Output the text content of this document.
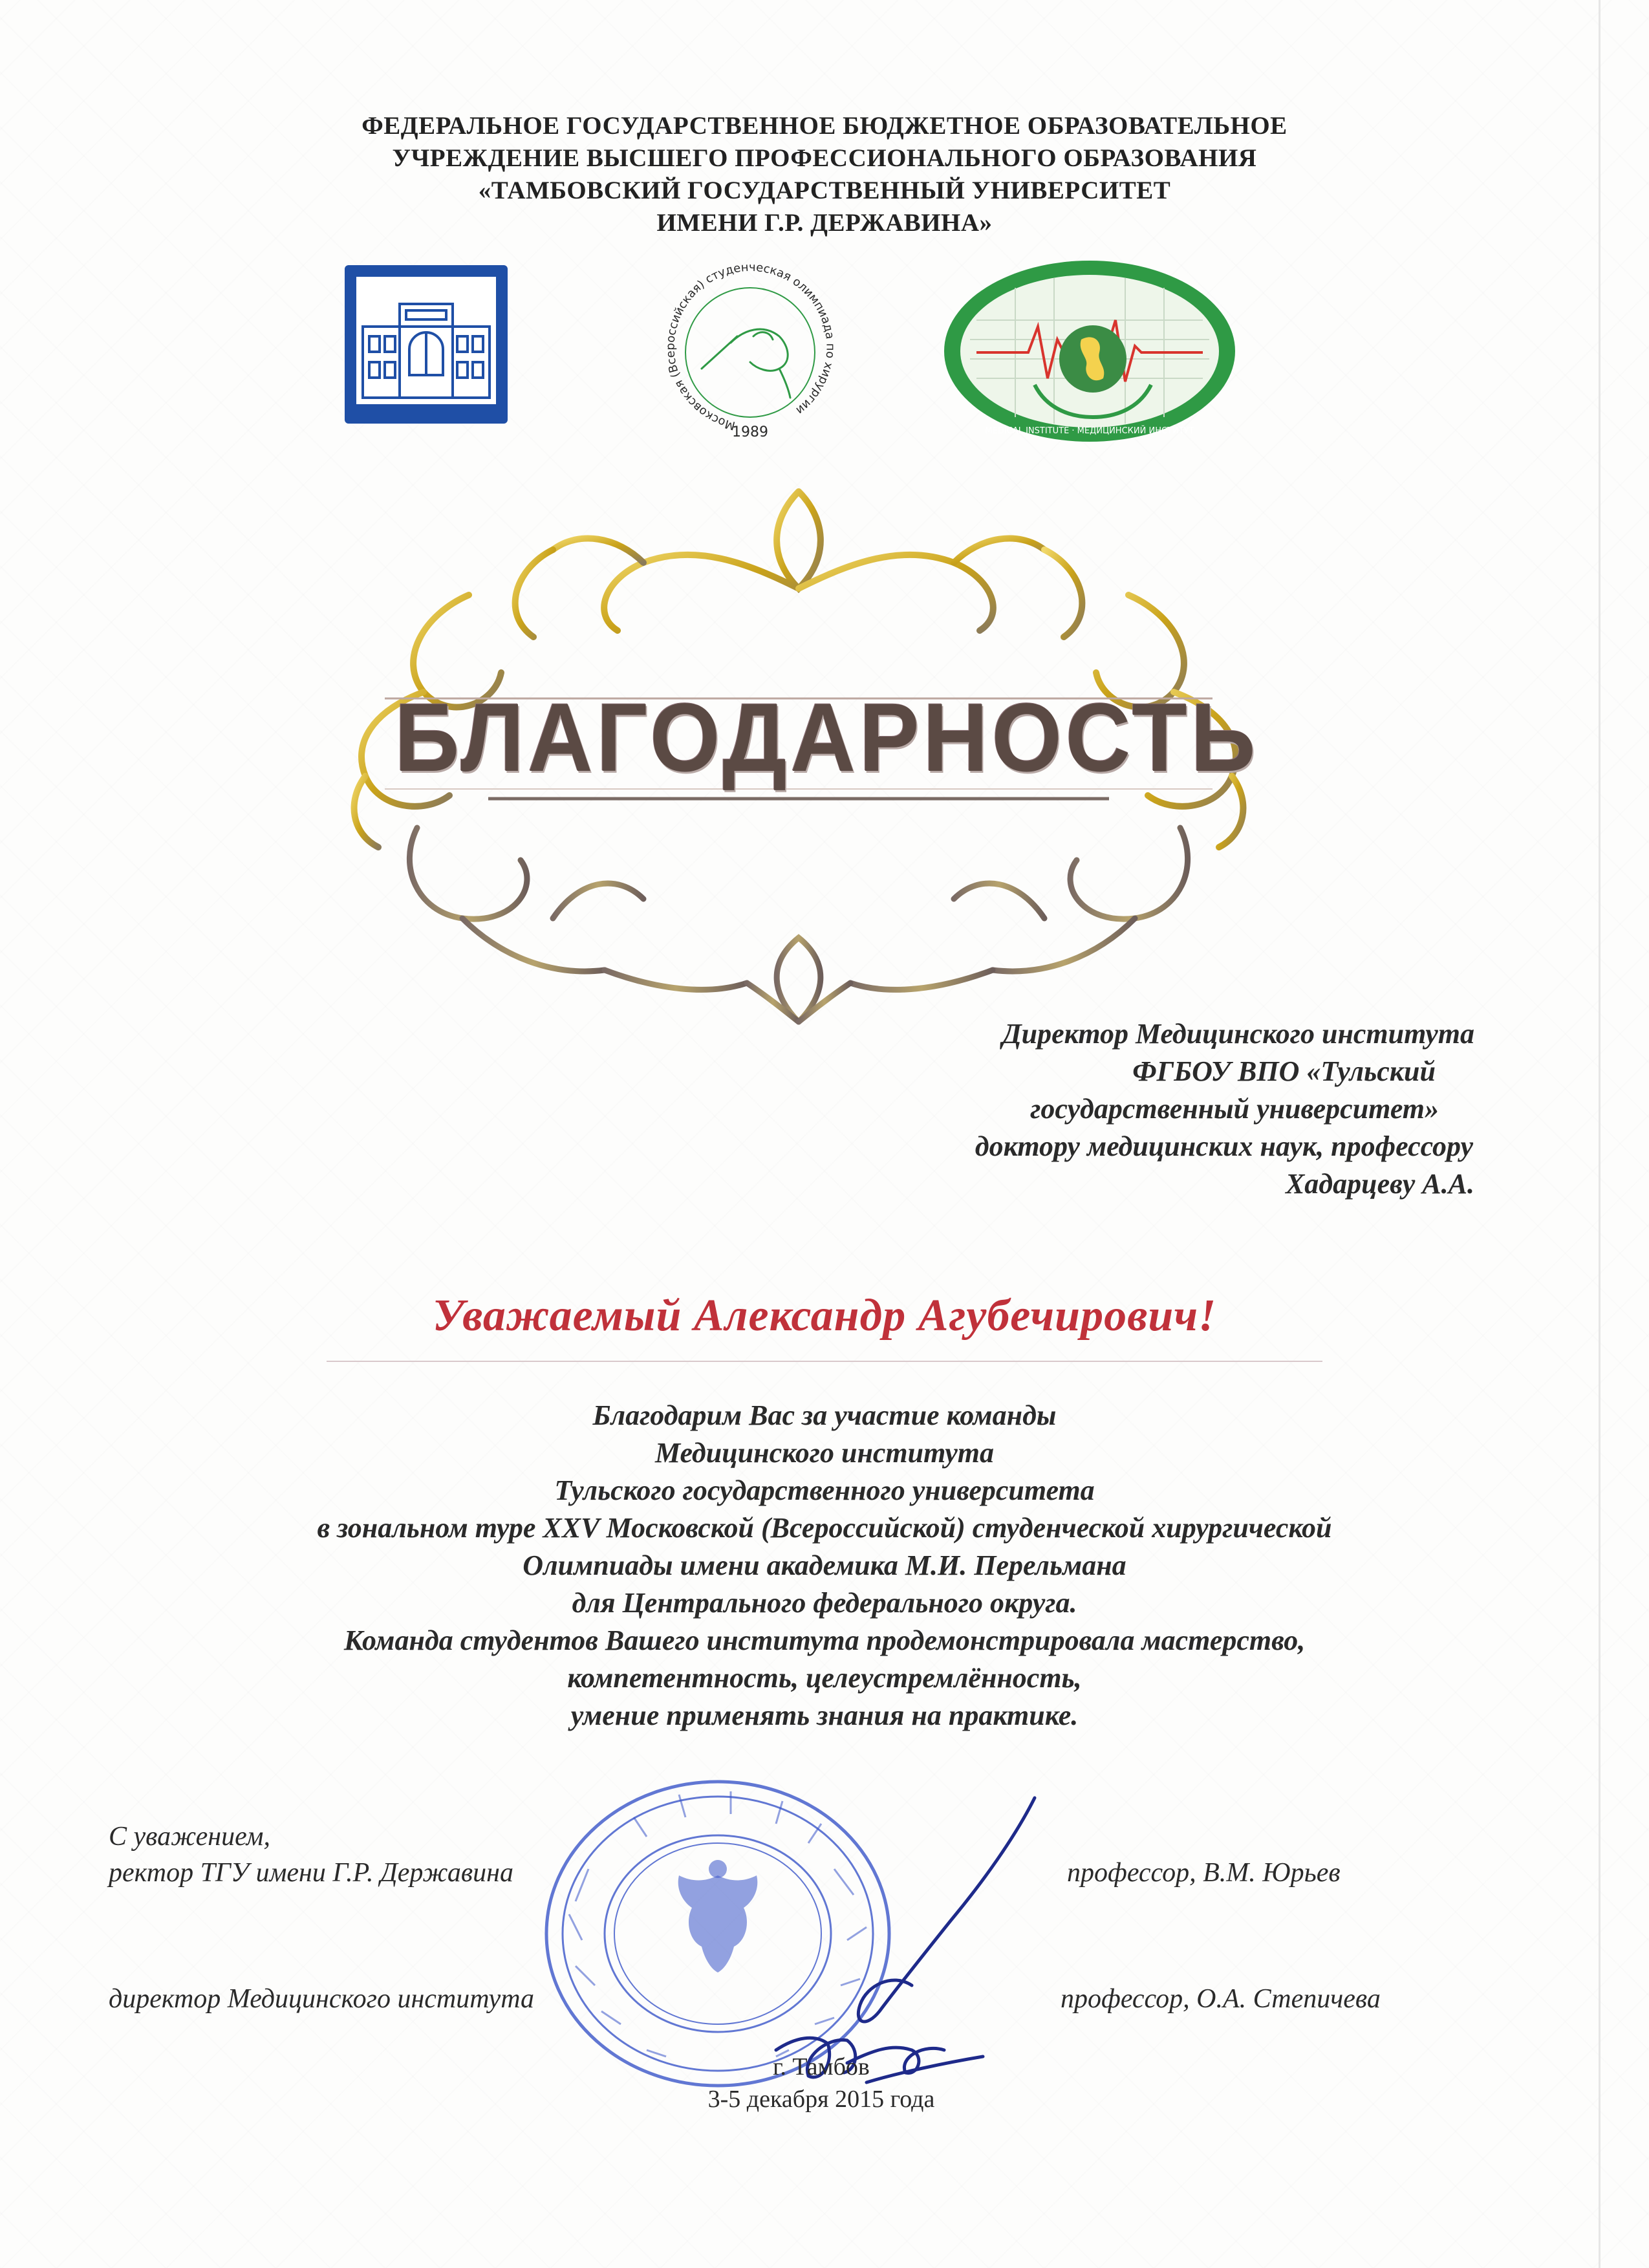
ФЕДЕРАЛЬНОЕ ГОСУДАРСТВЕННОЕ БЮДЖЕТНОЕ ОБРАЗОВАТЕЛЬНОЕ
УЧРЕЖДЕНИЕ ВЫСШЕГО ПРОФЕССИОНАЛЬНОГО ОБРАЗОВАНИЯ
«ТАМБОВСКИЙ ГОСУДАРСТВЕННЫЙ УНИВЕРСИТЕТ
ИМЕНИ Г.Р. ДЕРЖАВИНА»
Московская (Всероссийская) студенческая олимпиада по хирургии
1989	MEDICAL INSTITUTE · МЕДИЦИНСКИЙ ИНСТИТУТ
БЛАГОДАРНОСТЬ
Директор Медицинского института
ФГБОУ ВПО «Тульский
государственный университет»
доктору медицинских наук, профессору
Хадарцеву А.А.
Уважаемый Александр Агубечирович!
Благодарим Вас за участие команды
Медицинского института
Тульского государственного университета
в зональном туре XXV Московской (Всероссийской) студенческой хирургической
Олимпиады имени академика М.И. Перельмана
для Центрального федерального округа.
Команда студентов Вашего института продемонстрировала мастерство,
компетентность, целеустремлённость,
умение применять знания на практике.
С уважением,
ректор ТГУ имени Г.Р. Державина	профессор, В.М. Юрьев
директор Медицинского института	профессор, О.А. Степичева
г. Тамбов
3-5 декабря 2015 года
